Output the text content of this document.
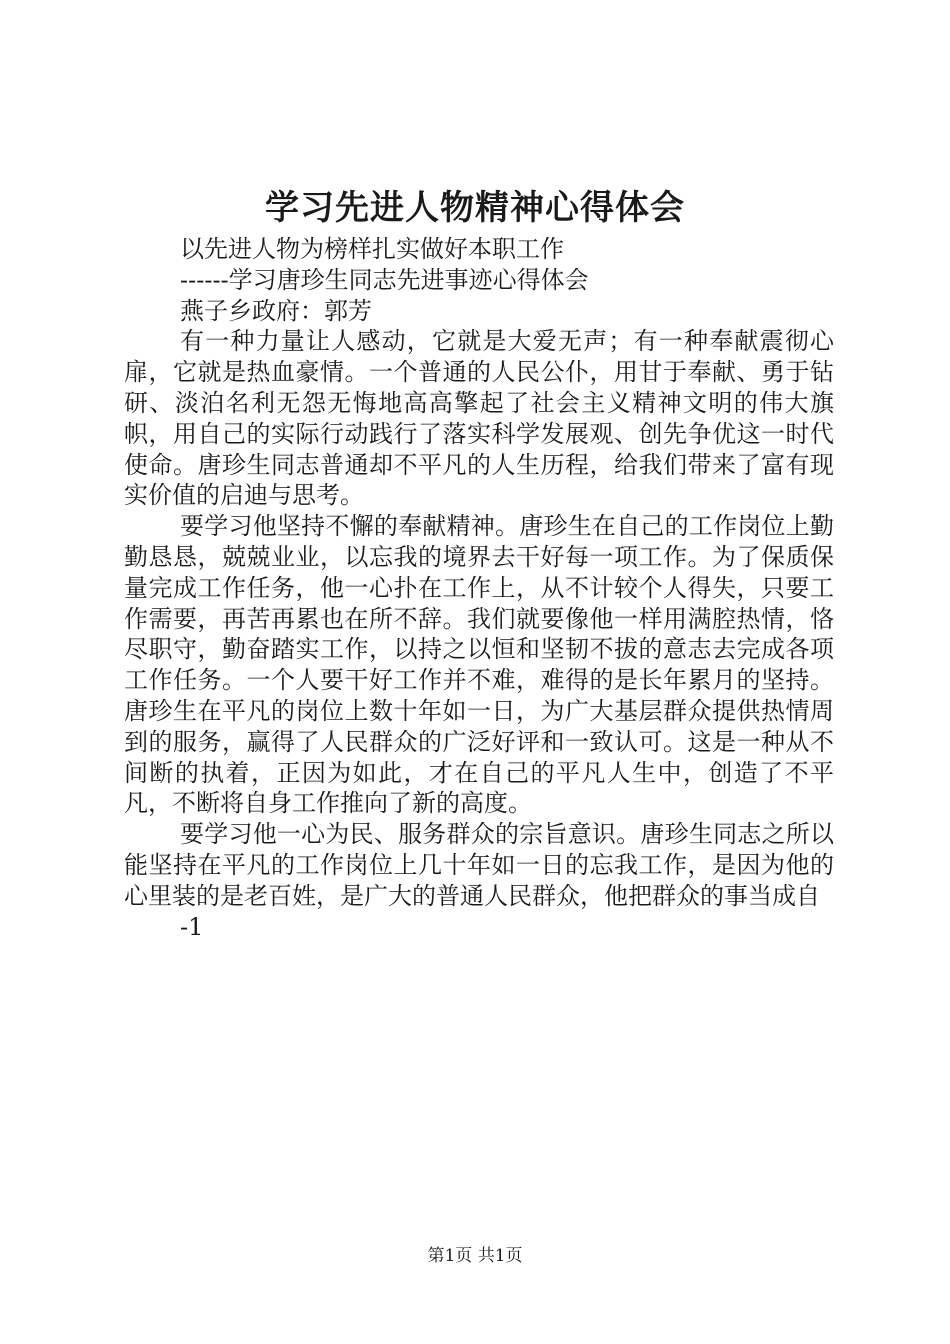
学习先进人物精神心得体会

以先进人物为榜样扎实做好本职工作

------学习唐珍生同志先进事迹心得体会

燕子乡政府：郭芳

有一种力量让人感动，它就是大爱无声；有一种奉献震彻心扉，它就是热血豪情。一个普通的人民公仆，用甘于奉献、勇于钻研、淡泊名利无怨无悔地高高擎起了社会主义精神文明的伟大旗帜，用自己的实际行动践行了落实科学发展观、创先争优这一时代使命。唐珍生同志普通却不平凡的人生历程，给我们带来了富有现实价值的启迪与思考。

要学习他坚持不懈的奉献精神。唐珍生在自己的工作岗位上勤勤恳恳，兢兢业业，以忘我的境界去干好每一项工作。为了保质保量完成工作任务，他一心扑在工作上，从不计较个人得失，只要工作需要，再苦再累也在所不辞。我们就要像他一样用满腔热情，恪尽职守，勤奋踏实工作，以持之以恒和坚韧不拔的意志去完成各项工作任务。一个人要干好工作并不难，难得的是长年累月的坚持。唐珍生在平凡的岗位上数十年如一日，为广大基层群众提供热情周到的服务，赢得了人民群众的广泛好评和一致认可。这是一种从不间断的执着，正因为如此，才在自己的平凡人生中，创造了不平凡，不断将自身工作推向了新的高度。

要学习他一心为民、服务群众的宗旨意识。唐珍生同志之所以能坚持在平凡的工作岗位上几十年如一日的忘我工作，是因为他的心里装的是老百姓，是广大的普通人民群众，他把群众的事当成自

-1

第1页 共1页
